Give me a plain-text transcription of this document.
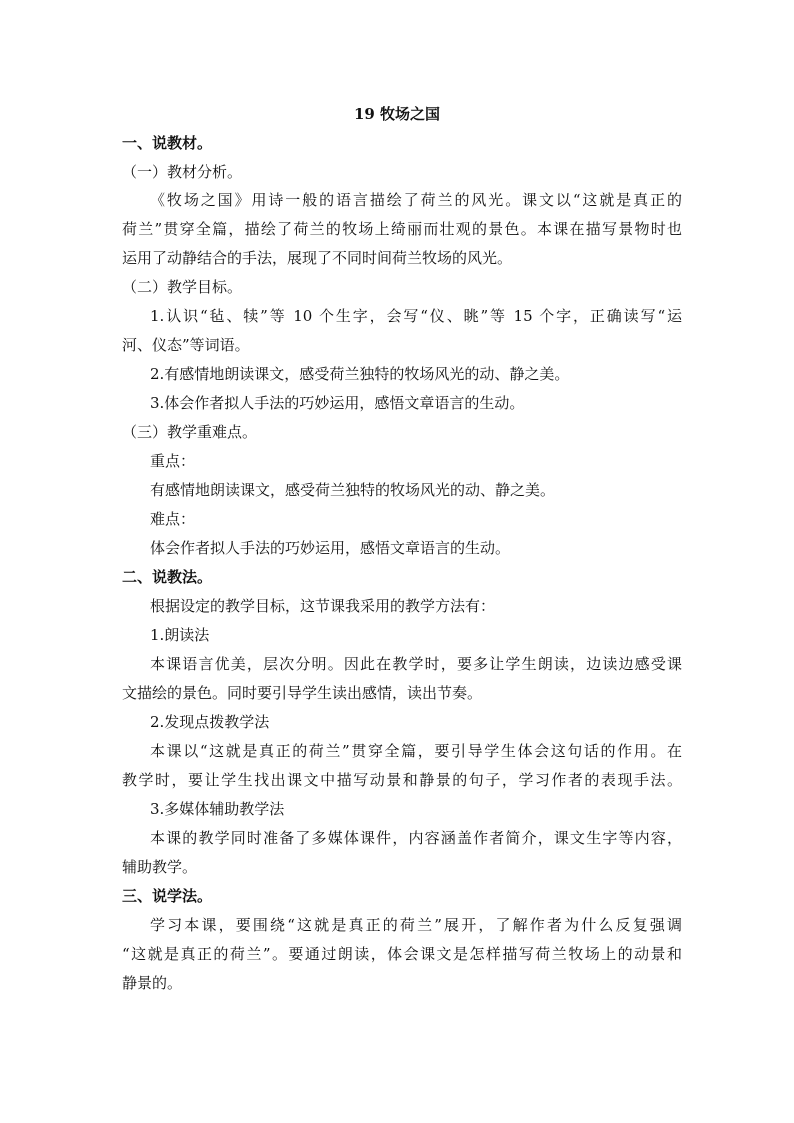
19 牧场之国
一、说教材。
（一）教材分析。
《牧场之国》用诗一般的语言描绘了荷兰的风光。课文以“这就是真正的
荷兰”贯穿全篇，描绘了荷兰的牧场上绮丽而壮观的景色。本课在描写景物时也
运用了动静结合的手法，展现了不同时间荷兰牧场的风光。
（二）教学目标。
1.认识“毡、犊”等 10 个生字，会写“仪、眺”等 15 个字，正确读写“运
河、仪态”等词语。
2.有感情地朗读课文，感受荷兰独特的牧场风光的动、静之美。
3.体会作者拟人手法的巧妙运用，感悟文章语言的生动。
（三）教学重难点。
重点：
有感情地朗读课文，感受荷兰独特的牧场风光的动、静之美。
难点：
体会作者拟人手法的巧妙运用，感悟文章语言的生动。
二、说教法。
根据设定的教学目标，这节课我采用的教学方法有：
1.朗读法
本课语言优美，层次分明。因此在教学时，要多让学生朗读，边读边感受课
文描绘的景色。同时要引导学生读出感情，读出节奏。
2.发现点拨教学法
本课以“这就是真正的荷兰”贯穿全篇，要引导学生体会这句话的作用。在
教学时，要让学生找出课文中描写动景和静景的句子，学习作者的表现手法。
3.多媒体辅助教学法
本课的教学同时准备了多媒体课件，内容涵盖作者简介，课文生字等内容，
辅助教学。
三、说学法。
学习本课，要围绕“这就是真正的荷兰”展开，了解作者为什么反复强调
“这就是真正的荷兰”。要通过朗读，体会课文是怎样描写荷兰牧场上的动景和
静景的。
